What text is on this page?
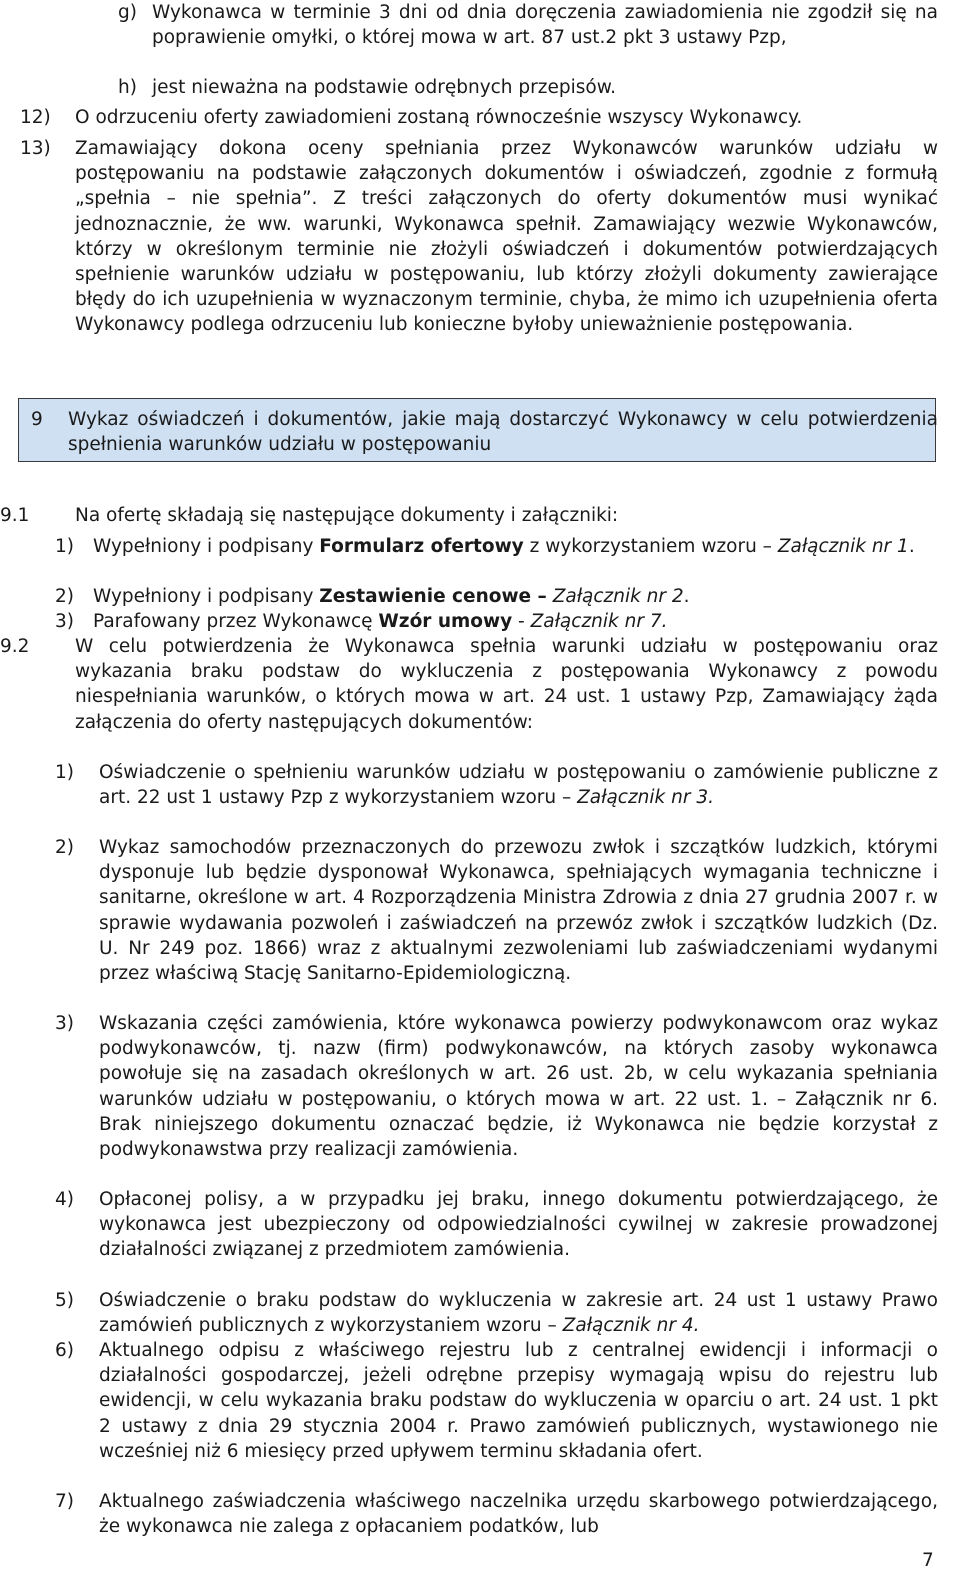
g) Wykonawca w terminie 3 dni od dnia doręczenia zawiadomienia nie zgodził się na poprawienie omyłki, o której mowa w art. 87 ust.2 pkt 3 ustawy Pzp,

h) jest nieważna na podstawie odrębnych przepisów.

12) O odrzuceniu oferty zawiadomieni zostaną równocześnie wszyscy Wykonawcy.

13) Zamawiający dokona oceny spełniania przez Wykonawców warunków udziału w postępowaniu na podstawie załączonych dokumentów i oświadczeń, zgodnie z formułą „spełnia – nie spełnia”. Z treści załączonych do oferty dokumentów musi wynikać jednoznacznie, że ww. warunki, Wykonawca spełnił. Zamawiający wezwie Wykonawców, którzy w określonym terminie nie złożyli oświadczeń i dokumentów potwierdzających spełnienie warunków udziału w postępowaniu, lub którzy złożyli dokumenty zawierające błędy do ich uzupełnienia w wyznaczonym terminie, chyba, że mimo ich uzupełnienia oferta Wykonawcy podlega odrzuceniu lub konieczne byłoby unieważnienie postępowania.

9 Wykaz oświadczeń i dokumentów, jakie mają dostarczyć Wykonawcy w celu potwierdzenia spełnienia warunków udziału w postępowaniu

9.1 Na ofertę składają się następujące dokumenty i załączniki:

1) Wypełniony i podpisany Formularz ofertowy z wykorzystaniem wzoru – Załącznik nr 1.

2) Wypełniony i podpisany Zestawienie cenowe – Załącznik nr 2.

3) Parafowany przez Wykonawcę Wzór umowy - Załącznik nr 7.

9.2 W celu potwierdzenia że Wykonawca spełnia warunki udziału w postępowaniu oraz wykazania braku podstaw do wykluczenia z postępowania Wykonawcy z powodu niespełniania warunków, o których mowa w art. 24 ust. 1 ustawy Pzp, Zamawiający żąda załączenia do oferty następujących dokumentów:

1) Oświadczenie o spełnieniu warunków udziału w postępowaniu o zamówienie publiczne z art. 22 ust 1 ustawy Pzp z wykorzystaniem wzoru – Załącznik nr 3.

2) Wykaz samochodów przeznaczonych do przewozu zwłok i szczątków ludzkich, którymi dysponuje lub będzie dysponował Wykonawca, spełniających wymagania techniczne i sanitarne, określone w art. 4 Rozporządzenia Ministra Zdrowia z dnia 27 grudnia 2007 r. w sprawie wydawania pozwoleń i zaświadczeń na przewóz zwłok i szczątków ludzkich (Dz. U. Nr 249 poz. 1866) wraz z aktualnymi zezwoleniami lub zaświadczeniami wydanymi przez właściwą Stację Sanitarno-Epidemiologiczną.

3) Wskazania części zamówienia, które wykonawca powierzy podwykonawcom oraz wykaz podwykonawców, tj. nazw (firm) podwykonawców, na których zasoby wykonawca powołuje się na zasadach określonych w art. 26 ust. 2b, w celu wykazania spełniania warunków udziału w postępowaniu, o których mowa w art. 22 ust. 1. – Załącznik nr 6. Brak niniejszego dokumentu oznaczać będzie, iż Wykonawca nie będzie korzystał z podwykonawstwa przy realizacji zamówienia.

4) Opłaconej polisy, a w przypadku jej braku, innego dokumentu potwierdzającego, że wykonawca jest ubezpieczony od odpowiedzialności cywilnej w zakresie prowadzonej działalności związanej z przedmiotem zamówienia.

5) Oświadczenie o braku podstaw do wykluczenia w zakresie art. 24 ust 1 ustawy Prawo zamówień publicznych z wykorzystaniem wzoru – Załącznik nr 4.

6) Aktualnego odpisu z właściwego rejestru lub z centralnej ewidencji i informacji o działalności gospodarczej, jeżeli odrębne przepisy wymagają wpisu do rejestru lub ewidencji, w celu wykazania braku podstaw do wykluczenia w oparciu o art. 24 ust. 1 pkt 2 ustawy z dnia 29 stycznia 2004 r. Prawo zamówień publicznych, wystawionego nie wcześniej niż 6 miesięcy przed upływem terminu składania ofert.

7) Aktualnego zaświadczenia właściwego naczelnika urzędu skarbowego potwierdzającego, że wykonawca nie zalega z opłacaniem podatków, lub

7
